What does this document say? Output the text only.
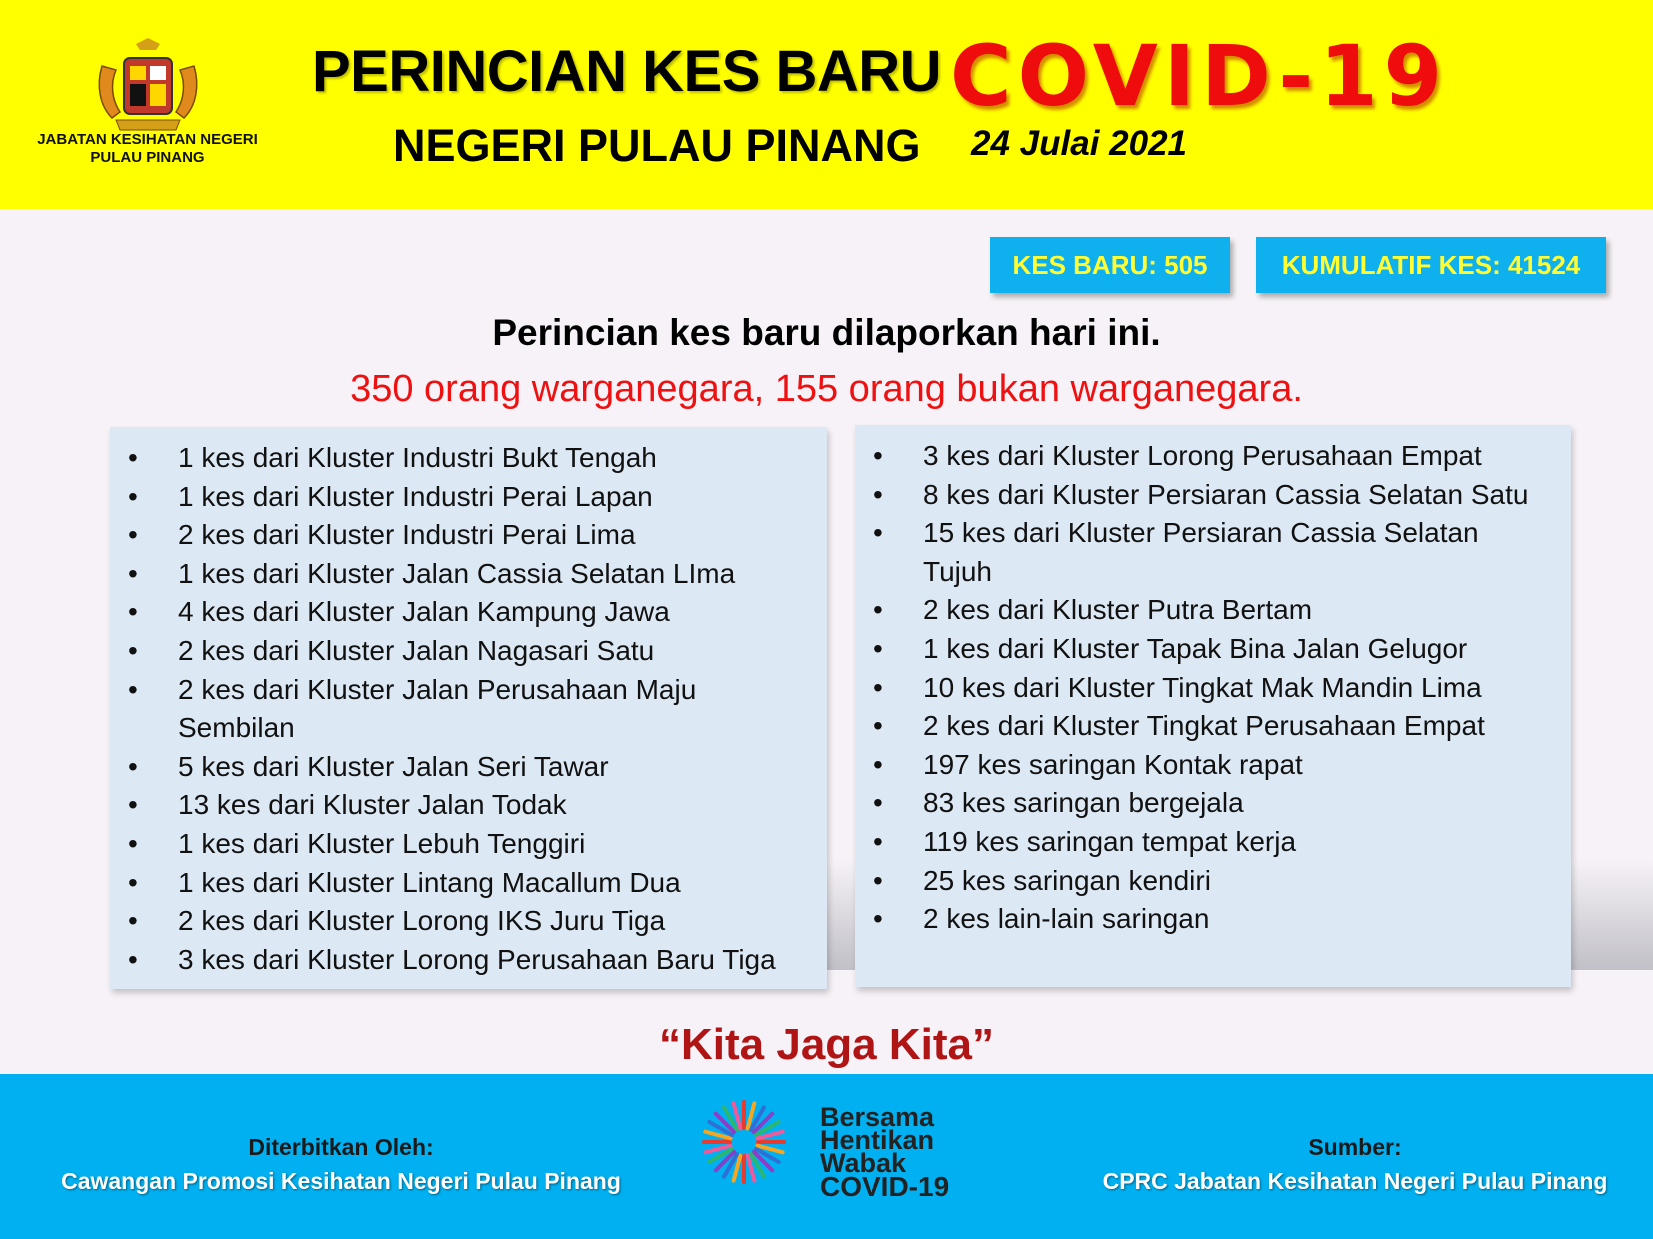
JABATAN KESIHATAN NEGERI
PULAU PINANG
PERINCIAN KES BARU COVID-19
NEGERI PULAU PINANG 24 Julai 2021
KES BARU: 505	KUMULATIF KES: 41524
Perincian kes baru dilaporkan hari ini.
350 orang warganegara, 155 orang bukan warganegara.
• 1 kes dari Kluster Industri Bukt Tengah
• 1 kes dari Kluster Industri Perai Lapan
• 2 kes dari Kluster Industri Perai Lima
• 1 kes dari Kluster Jalan Cassia Selatan LIma
• 4 kes dari Kluster Jalan Kampung Jawa
• 2 kes dari Kluster Jalan Nagasari Satu
• 2 kes dari Kluster Jalan Perusahaan Maju Sembilan
• 5 kes dari Kluster Jalan Seri Tawar
• 13 kes dari Kluster Jalan Todak
• 1 kes dari Kluster Lebuh Tenggiri
• 1 kes dari Kluster Lintang Macallum Dua
• 2 kes dari Kluster Lorong IKS Juru Tiga
• 3 kes dari Kluster Lorong Perusahaan Baru Tiga
• 3 kes dari Kluster Lorong Perusahaan Empat
• 8 kes dari Kluster Persiaran Cassia Selatan Satu
• 15 kes dari Kluster Persiaran Cassia Selatan Tujuh
• 2 kes dari Kluster Putra Bertam
• 1 kes dari Kluster Tapak Bina Jalan Gelugor
• 10 kes dari Kluster Tingkat Mak Mandin Lima
• 2 kes dari Kluster Tingkat Perusahaan Empat
• 197 kes saringan Kontak rapat
• 83 kes saringan bergejala
• 119 kes saringan tempat kerja
• 25 kes saringan kendiri
• 2 kes lain-lain saringan
“Kita Jaga Kita”
Diterbitkan Oleh:
Cawangan Promosi Kesihatan Negeri Pulau Pinang
Bersama
Hentikan
Wabak
COVID-19
Sumber:
CPRC Jabatan Kesihatan Negeri Pulau Pinang
